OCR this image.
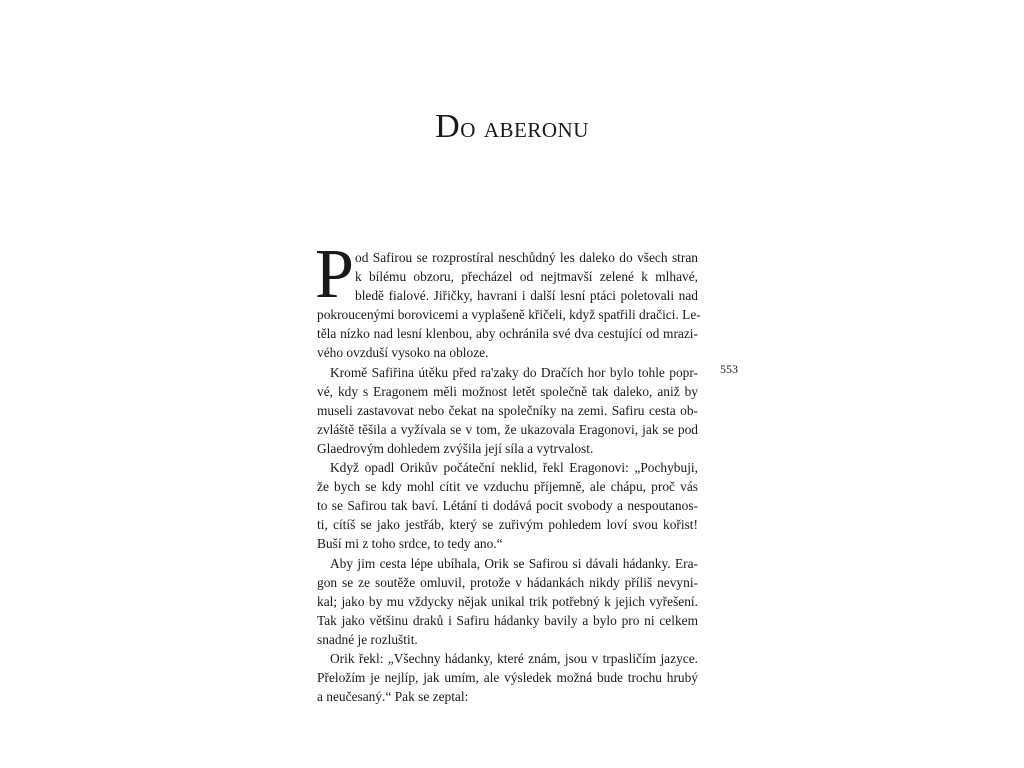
Do aberonu

P od Safirou se rozprostíral neschůdný les daleko do všech stran
k bílému obzoru, přecházel od nejtmavší zelené k mlhavé,
bledě fialové. Jiřičky, havrani i další lesní ptáci poletovali nad
pokroucenými borovicemi a vyplašeně křičeli, když spatřili dračici. Le-
těla nízko nad lesní klenbou, aby ochránila své dva cestující od mrazi-
vého ovzduší vysoko na obloze.

Kromě Safiřina útěku před ra'zaky do Dračích hor bylo tohle popr-
vé, kdy s Eragonem měli možnost letět společně tak daleko, aniž by
museli zastavovat nebo čekat na společníky na zemi. Safiru cesta ob-
zvláště těšila a vyžívala se v tom, že ukazovala Eragonovi, jak se pod
Glaedrovým dohledem zvýšila její síla a vytrvalost.

Když opadl Orikův počáteční neklid, řekl Eragonovi: „Pochybuji,
že bych se kdy mohl cítit ve vzduchu příjemně, ale chápu, proč vás
to se Safirou tak baví. Létání ti dodává pocit svobody a nespoutanos-
ti, cítíš se jako jestřáb, který se zuřivým pohledem loví svou kořist!
Buší mi z toho srdce, to tedy ano.“

Aby jim cesta lépe ubíhala, Orik se Safirou si dávali hádanky. Era-
gon se ze soutěže omluvil, protože v hádankách nikdy příliš nevyni-
kal; jako by mu vždycky nějak unikal trik potřebný k jejich vyřešení.
Tak jako většinu draků i Safiru hádanky bavily a bylo pro ni celkem
snadné je rozluštit.

Orik řekl: „Všechny hádanky, které znám, jsou v trpasličím jazyce.
Přeložím je nejlíp, jak umím, ale výsledek možná bude trochu hrubý
a neučesaný.“ Pak se zeptal:

553
